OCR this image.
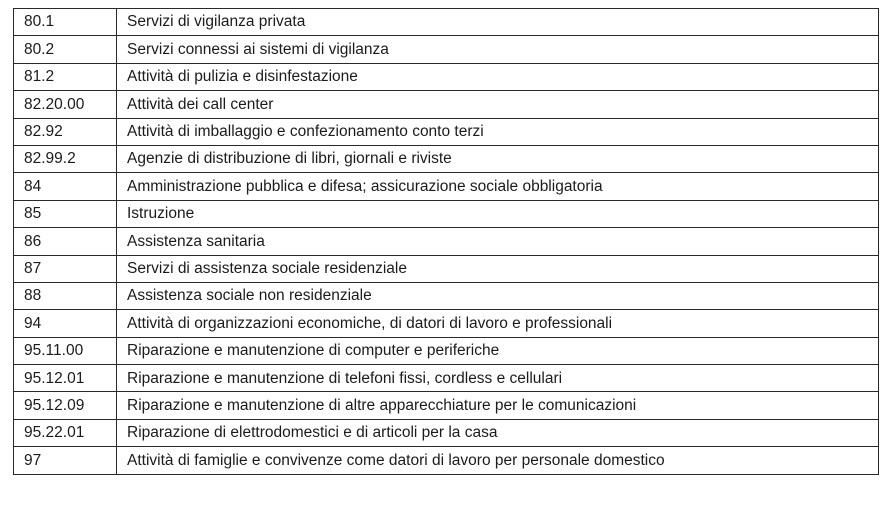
80.1	Servizi di vigilanza privata
80.2	Servizi connessi ai sistemi di vigilanza
81.2	Attività di pulizia e disinfestazione
82.20.00	Attività dei call center
82.92	Attività di imballaggio e confezionamento conto terzi
82.99.2	Agenzie di distribuzione di libri, giornali e riviste
84	Amministrazione pubblica e difesa; assicurazione sociale obbligatoria
85	Istruzione
86	Assistenza sanitaria
87	Servizi di assistenza sociale residenziale
88	Assistenza sociale non residenziale
94	Attività di organizzazioni economiche, di datori di lavoro e professionali
95.11.00	Riparazione e manutenzione di computer e periferiche
95.12.01	Riparazione e manutenzione di telefoni fissi, cordless e cellulari
95.12.09	Riparazione e manutenzione di altre apparecchiature per le comunicazioni
95.22.01	Riparazione di elettrodomestici e di articoli per la casa
97	Attività di famiglie e convivenze come datori di lavoro per personale domestico
